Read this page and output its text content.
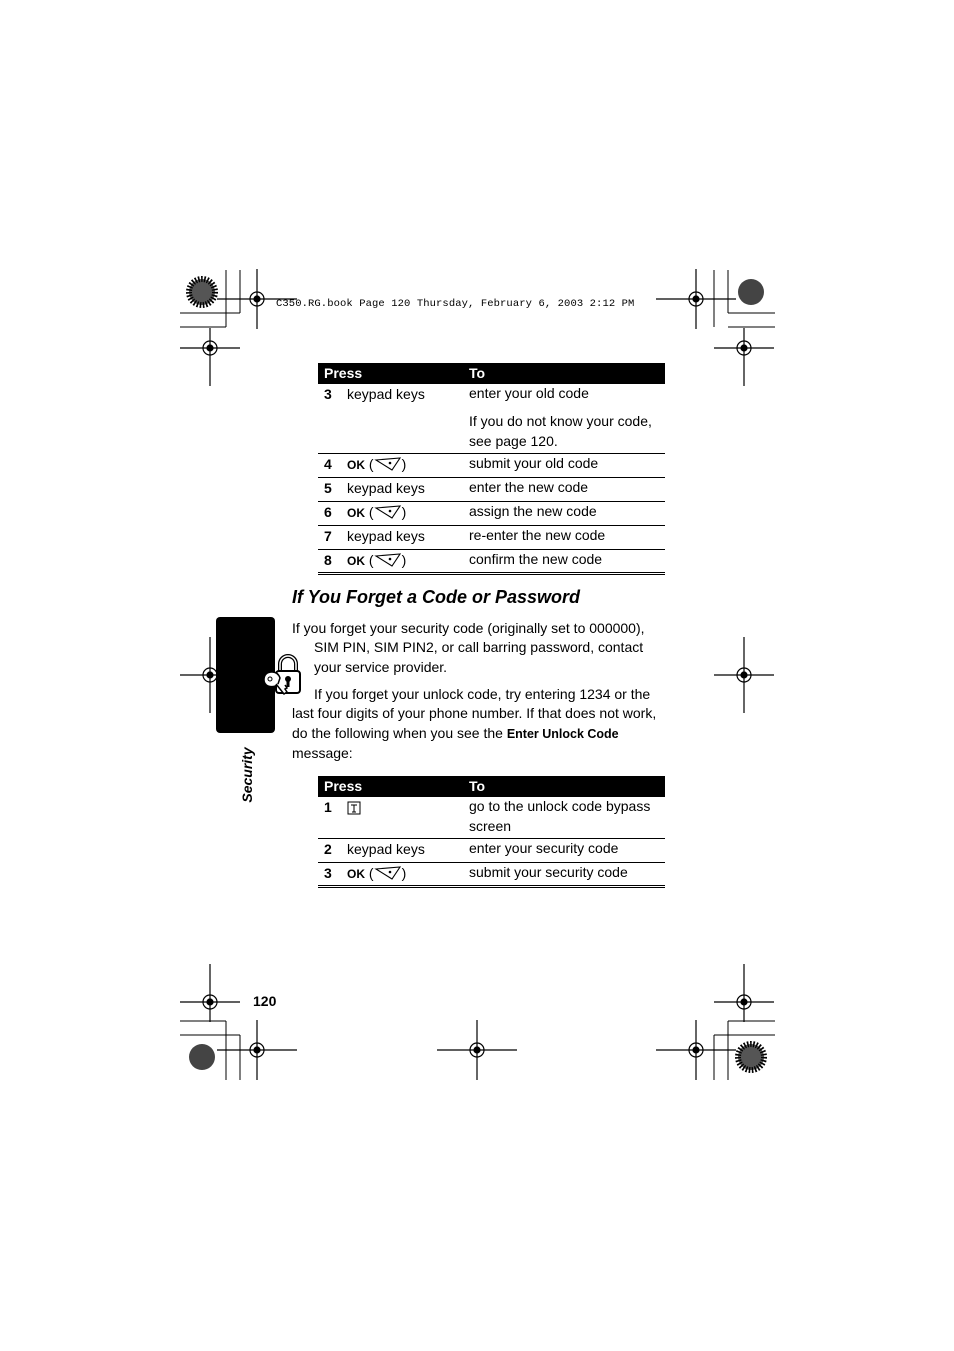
C350.RG.book Page 120 Thursday, February 6, 2003 2:12 PM
Press	To
3 keypad keys	enter your old code
If you do not know your code, see page 120.
4 OK ( )	submit your old code
5 keypad keys	enter the new code
6 OK ( )	assign the new code
7 keypad keys	re-enter the new code
8 OK ( )	confirm the new code
If You Forget a Code or Password
If you forget your security code (originally set to 000000),
SIM PIN, SIM PIN2, or call barring password, contact
your service provider.
If you forget your unlock code, try entering 1234 or the
last four digits of your phone number. If that does not work,
do the following when you see the Enter Unlock Code
message:
Press	To
1	go to the unlock code bypass
screen
2 keypad keys	enter your security code
3 OK ( )	submit your security code
Security
120
